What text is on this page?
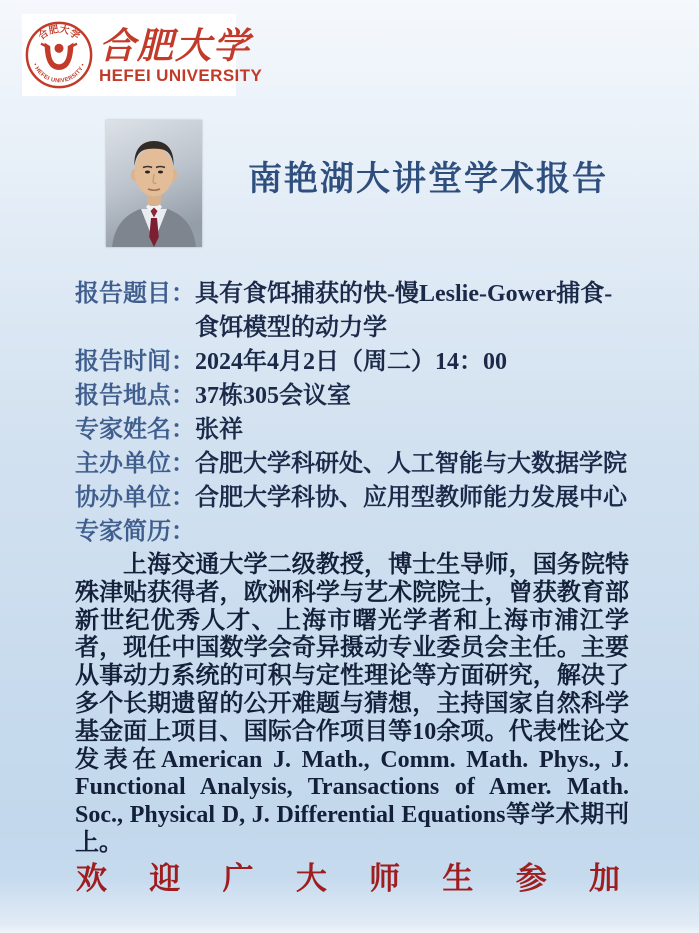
合肥大学
• HEFEI UNIVERSITY • 合肥大学
HEFEI UNIVERSITY
南艳湖大讲堂学术报告
报告题目： 具有食饵捕获的快-慢Leslie-Gower捕食-食饵模型的动力学
报告时间： 2024年4月2日（周二）14：00
报告地点： 37栋305会议室
专家姓名： 张祥
主办单位： 合肥大学科研处、人工智能与大数据学院
协办单位： 合肥大学科协、应用型教师能力发展中心
专家简历：

上海交通大学二级教授，博士生导师，国务院特殊津贴获得者，欧洲科学与艺术院院士，曾获教育部新世纪优秀人才、上海市曙光学者和上海市浦江学者，现任中国数学会奇异摄动专业委员会主任。主要从事动力系统的可积与定性理论等方面研究，解决了多个长期遗留的公开难题与猜想，主持国家自然科学基金面上项目、国际合作项目等10余项。代表性论文发表在American J. Math., Comm. Math. Phys., J. Functional Analysis, Transactions of Amer. Math. Soc., Physical D, J. Differential Equations等学术期刊上。

欢 迎 广 大 师 生 参 加
